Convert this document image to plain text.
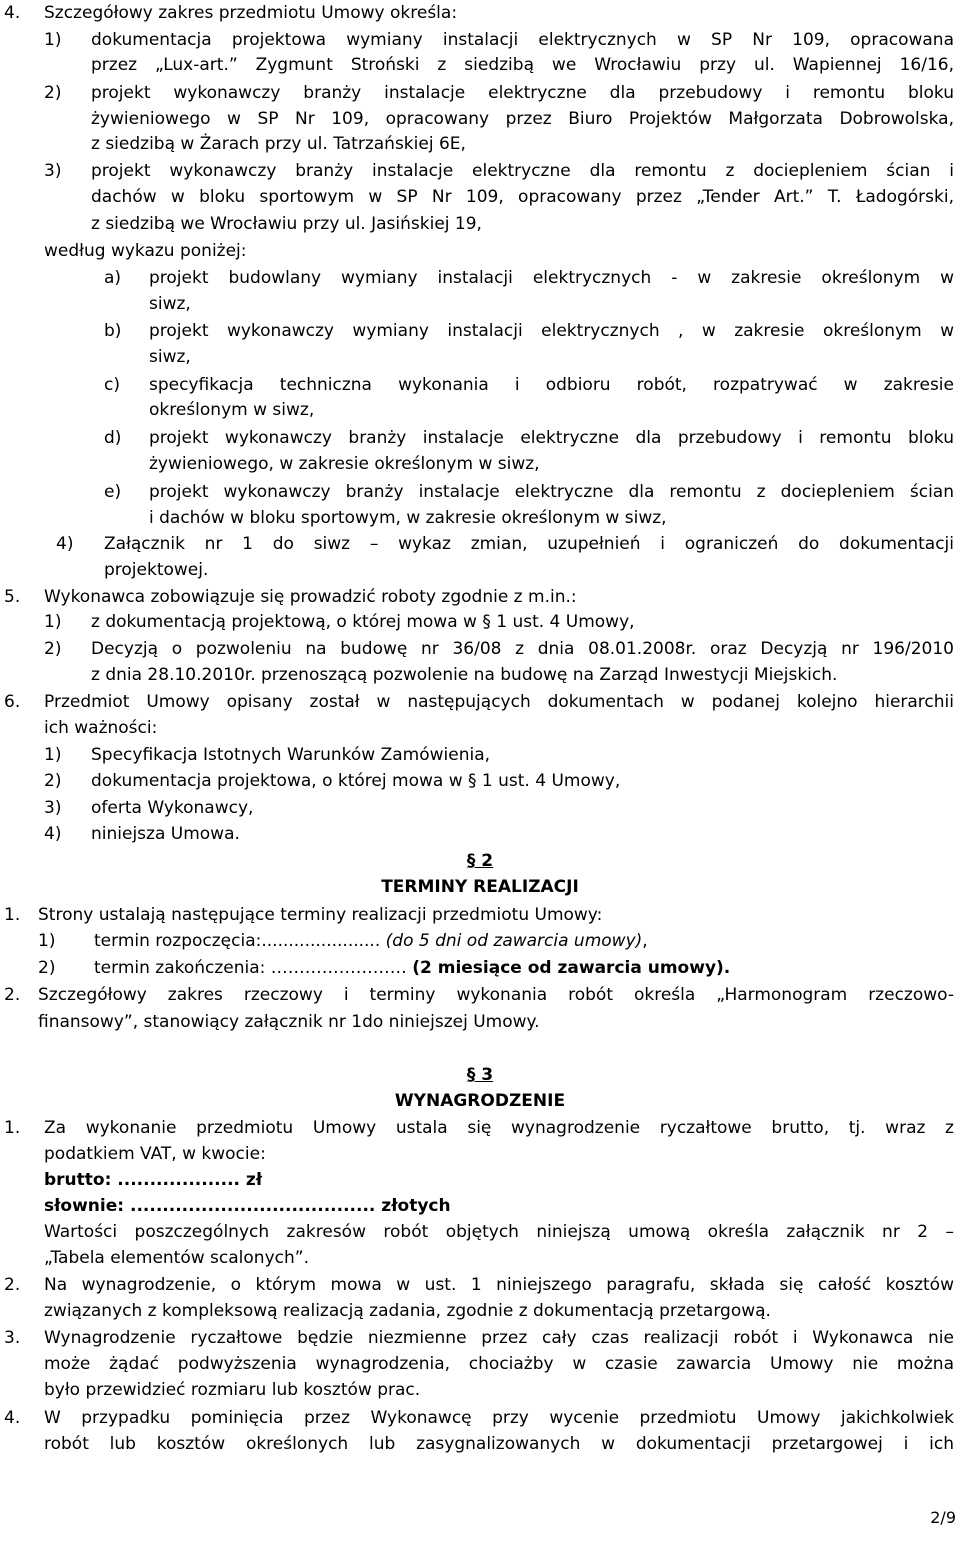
4. Szczegółowy zakres przedmiotu Umowy określa:
1) dokumentacja projektowa wymiany instalacji elektrycznych w SP Nr 109, opracowana
przez „Lux-art.” Zygmunt Stroński z siedzibą we Wrocławiu przy ul. Wapiennej 16/16,
2) projekt wykonawczy branży instalacje elektryczne dla przebudowy i remontu bloku
żywieniowego w SP Nr 109, opracowany przez Biuro Projektów Małgorzata Dobrowolska,
z siedzibą w Żarach przy ul. Tatrzańskiej 6E,
3) projekt wykonawczy branży instalacje elektryczne dla remontu z dociepleniem ścian i
dachów w bloku sportowym w SP Nr 109, opracowany przez „Tender Art.” T. Ładogórski,
z siedzibą we Wrocławiu przy ul. Jasińskiej 19,
według wykazu poniżej:
a) projekt budowlany wymiany instalacji elektrycznych - w zakresie określonym w
siwz,
b) projekt wykonawczy wymiany instalacji elektrycznych , w zakresie określonym w
siwz,
c) specyfikacja techniczna wykonania i odbioru robót, rozpatrywać w zakresie
określonym w siwz,
d) projekt wykonawczy branży instalacje elektryczne dla przebudowy i remontu bloku
żywieniowego, w zakresie określonym w siwz,
e) projekt wykonawczy branży instalacje elektryczne dla remontu z dociepleniem ścian
i dachów w bloku sportowym, w zakresie określonym w siwz,
4) Załącznik nr 1 do siwz – wykaz zmian, uzupełnień i ograniczeń do dokumentacji
projektowej.
5. Wykonawca zobowiązuje się prowadzić roboty zgodnie z m.in.:
1) z dokumentacją projektową, o której mowa w § 1 ust. 4 Umowy,
2) Decyzją o pozwoleniu na budowę nr 36/08 z dnia 08.01.2008r. oraz Decyzją nr 196/2010
z dnia 28.10.2010r. przenoszącą pozwolenie na budowę na Zarząd Inwestycji Miejskich.
6. Przedmiot Umowy opisany został w następujących dokumentach w podanej kolejno hierarchii
ich ważności:
1) Specyfikacja Istotnych Warunków Zamówienia,
2) dokumentacja projektowa, o której mowa w § 1 ust. 4 Umowy,
3) oferta Wykonawcy,
4) niniejsza Umowa.
§ 2
TERMINY REALIZACJI
1. Strony ustalają następujące terminy realizacji przedmiotu Umowy:
1) termin rozpoczęcia:...................... (do 5 dni od zawarcia umowy),
2) termin zakończenia: …………………… (2 miesiące od zawarcia umowy).
2. Szczegółowy zakres rzeczowy i terminy wykonania robót określa „Harmonogram rzeczowo-
finansowy”, stanowiący załącznik nr 1do niniejszej Umowy.
§ 3
WYNAGRODZENIE
1. Za wykonanie przedmiotu Umowy ustala się wynagrodzenie ryczałtowe brutto, tj. wraz z
podatkiem VAT, w kwocie:
brutto: ................... zł
słownie: ...................................... złotych
Wartości poszczególnych zakresów robót objętych niniejszą umową określa załącznik nr 2 –
„Tabela elementów scalonych”.
2. Na wynagrodzenie, o którym mowa w ust. 1 niniejszego paragrafu, składa się całość kosztów
związanych z kompleksową realizacją zadania, zgodnie z dokumentacją przetargową.
3. Wynagrodzenie ryczałtowe będzie niezmienne przez cały czas realizacji robót i Wykonawca nie
może żądać podwyższenia wynagrodzenia, chociażby w czasie zawarcia Umowy nie można
było przewidzieć rozmiaru lub kosztów prac.
4. W przypadku pominięcia przez Wykonawcę przy wycenie przedmiotu Umowy jakichkolwiek
robót lub kosztów określonych lub zasygnalizowanych w dokumentacji przetargowej i ich
2/9
